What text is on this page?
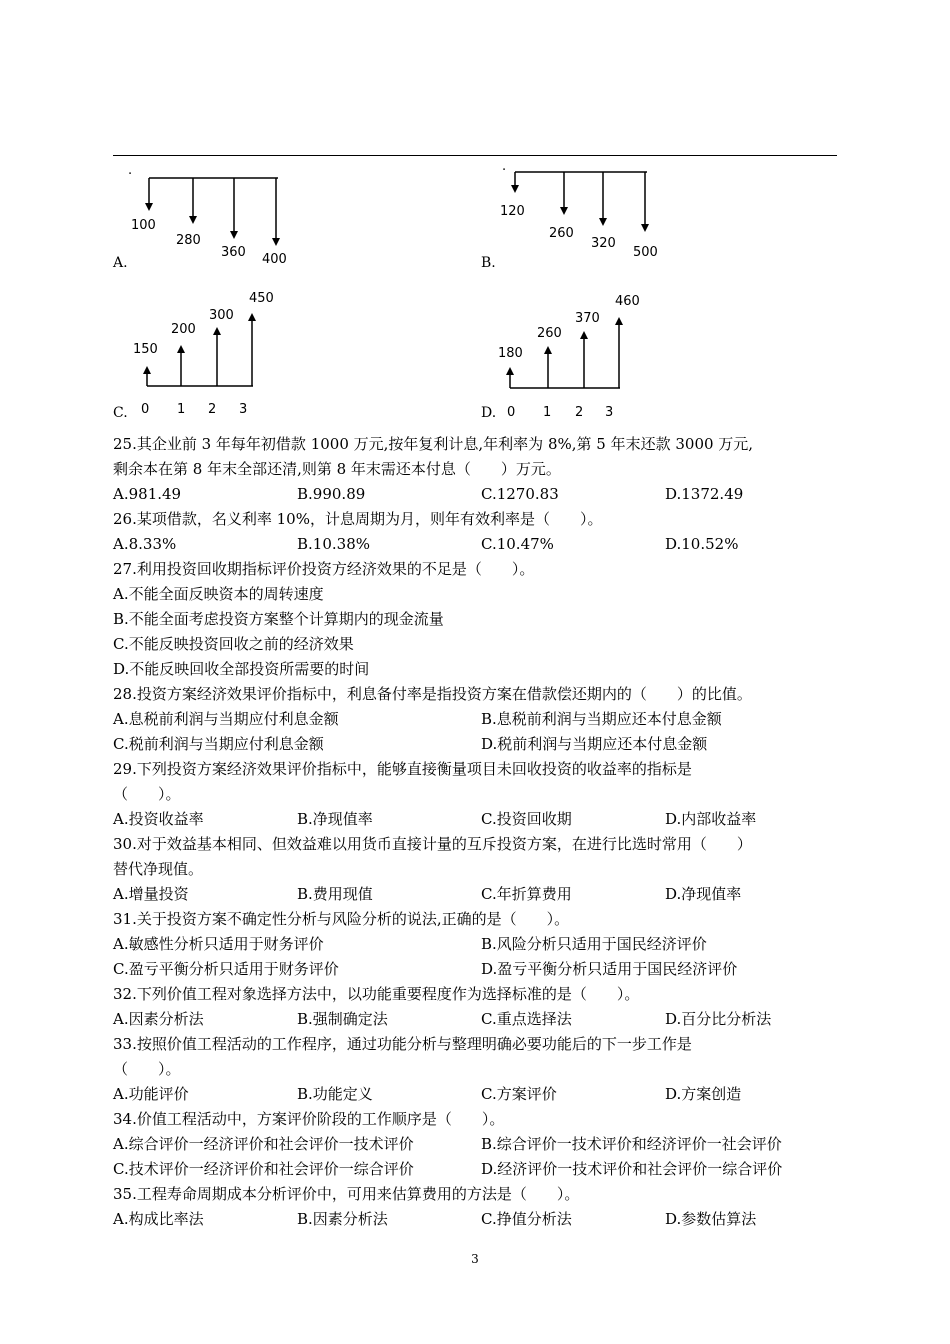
·
100
280
360 400
A.
·
120
260
320
500
B.
150
200
300
450
0 1 2 3
C.
180
260
370
460
0 1 2 3
D.
25.其企业前 3 年每年初借款 1000 万元,按年复利计息,年利率为 8%,第 5 年末还款 3000 万元,
剩余本在第 8 年末全部还清,则第 8 年末需还本付息（　　）万元。
A.981.49	B.990.89	C.1270.83	D.1372.49
26.某项借款，名义利率 10%，计息周期为月，则年有效利率是（　　）。
A.8.33%	B.10.38%	C.10.47%	D.10.52%
27.利用投资回收期指标评价投资方经济效果的不足是（　　）。
A.不能全面反映资本的周转速度
B.不能全面考虑投资方案整个计算期内的现金流量
C.不能反映投资回收之前的经济效果
D.不能反映回收全部投资所需要的时间
28.投资方案经济效果评价指标中，利息备付率是指投资方案在借款偿还期内的（　　）的比值。
A.息税前利润与当期应付利息金额	B.息税前利润与当期应还本付息金额
C.税前利润与当期应付利息金额	D.税前利润与当期应还本付息金额
29.下列投资方案经济效果评价指标中，能够直接衡量项目未回收投资的收益率的指标是
（　　）。
A.投资收益率	B.净现值率	C.投资回收期	D.内部收益率
30.对于效益基本相同、但效益难以用货币直接计量的互斥投资方案，在进行比选时常用（　　）
替代净现值。
A.增量投资	B.费用现值	C.年折算费用	D.净现值率
31.关于投资方案不确定性分析与风险分析的说法,正确的是（　　）。
A.敏感性分析只适用于财务评价	B.风险分析只适用于国民经济评价
C.盈亏平衡分析只适用于财务评价	D.盈亏平衡分析只适用于国民经济评价
32.下列价值工程对象选择方法中，以功能重要程度作为选择标准的是（　　）。
A.因素分析法	B.强制确定法	C.重点选择法	D.百分比分析法
33.按照价值工程活动的工作程序，通过功能分析与整理明确必要功能后的下一步工作是
（　　）。
A.功能评价	B.功能定义	C.方案评价	D.方案创造
34.价值工程活动中，方案评价阶段的工作顺序是（　　）。
A.综合评价一经济评价和社会评价一技术评价	B.综合评价一技术评价和经济评价一社会评价
C.技术评价一经济评价和社会评价一综合评价	D.经济评价一技术评价和社会评价一综合评价
35.工程寿命周期成本分析评价中，可用来估算费用的方法是（　　）。
A.构成比率法	B.因素分析法	C.挣值分析法	D.参数估算法
3
